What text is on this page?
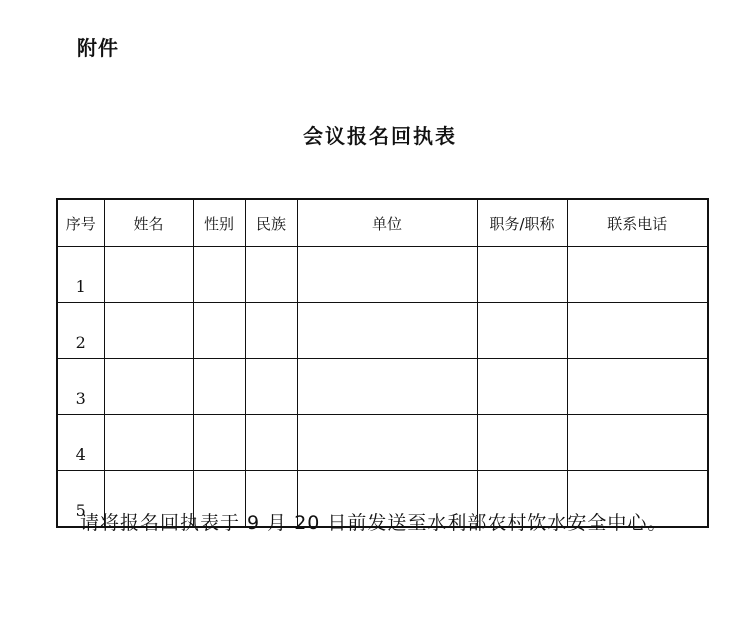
附件
会议报名回执表
序号	姓名	性别	民族	单位	职务/职称	联系电话
1						
2						
3						
4						
5						
请将报名回执表于 9 月 20 日前发送至水利部农村饮水安全中心。
